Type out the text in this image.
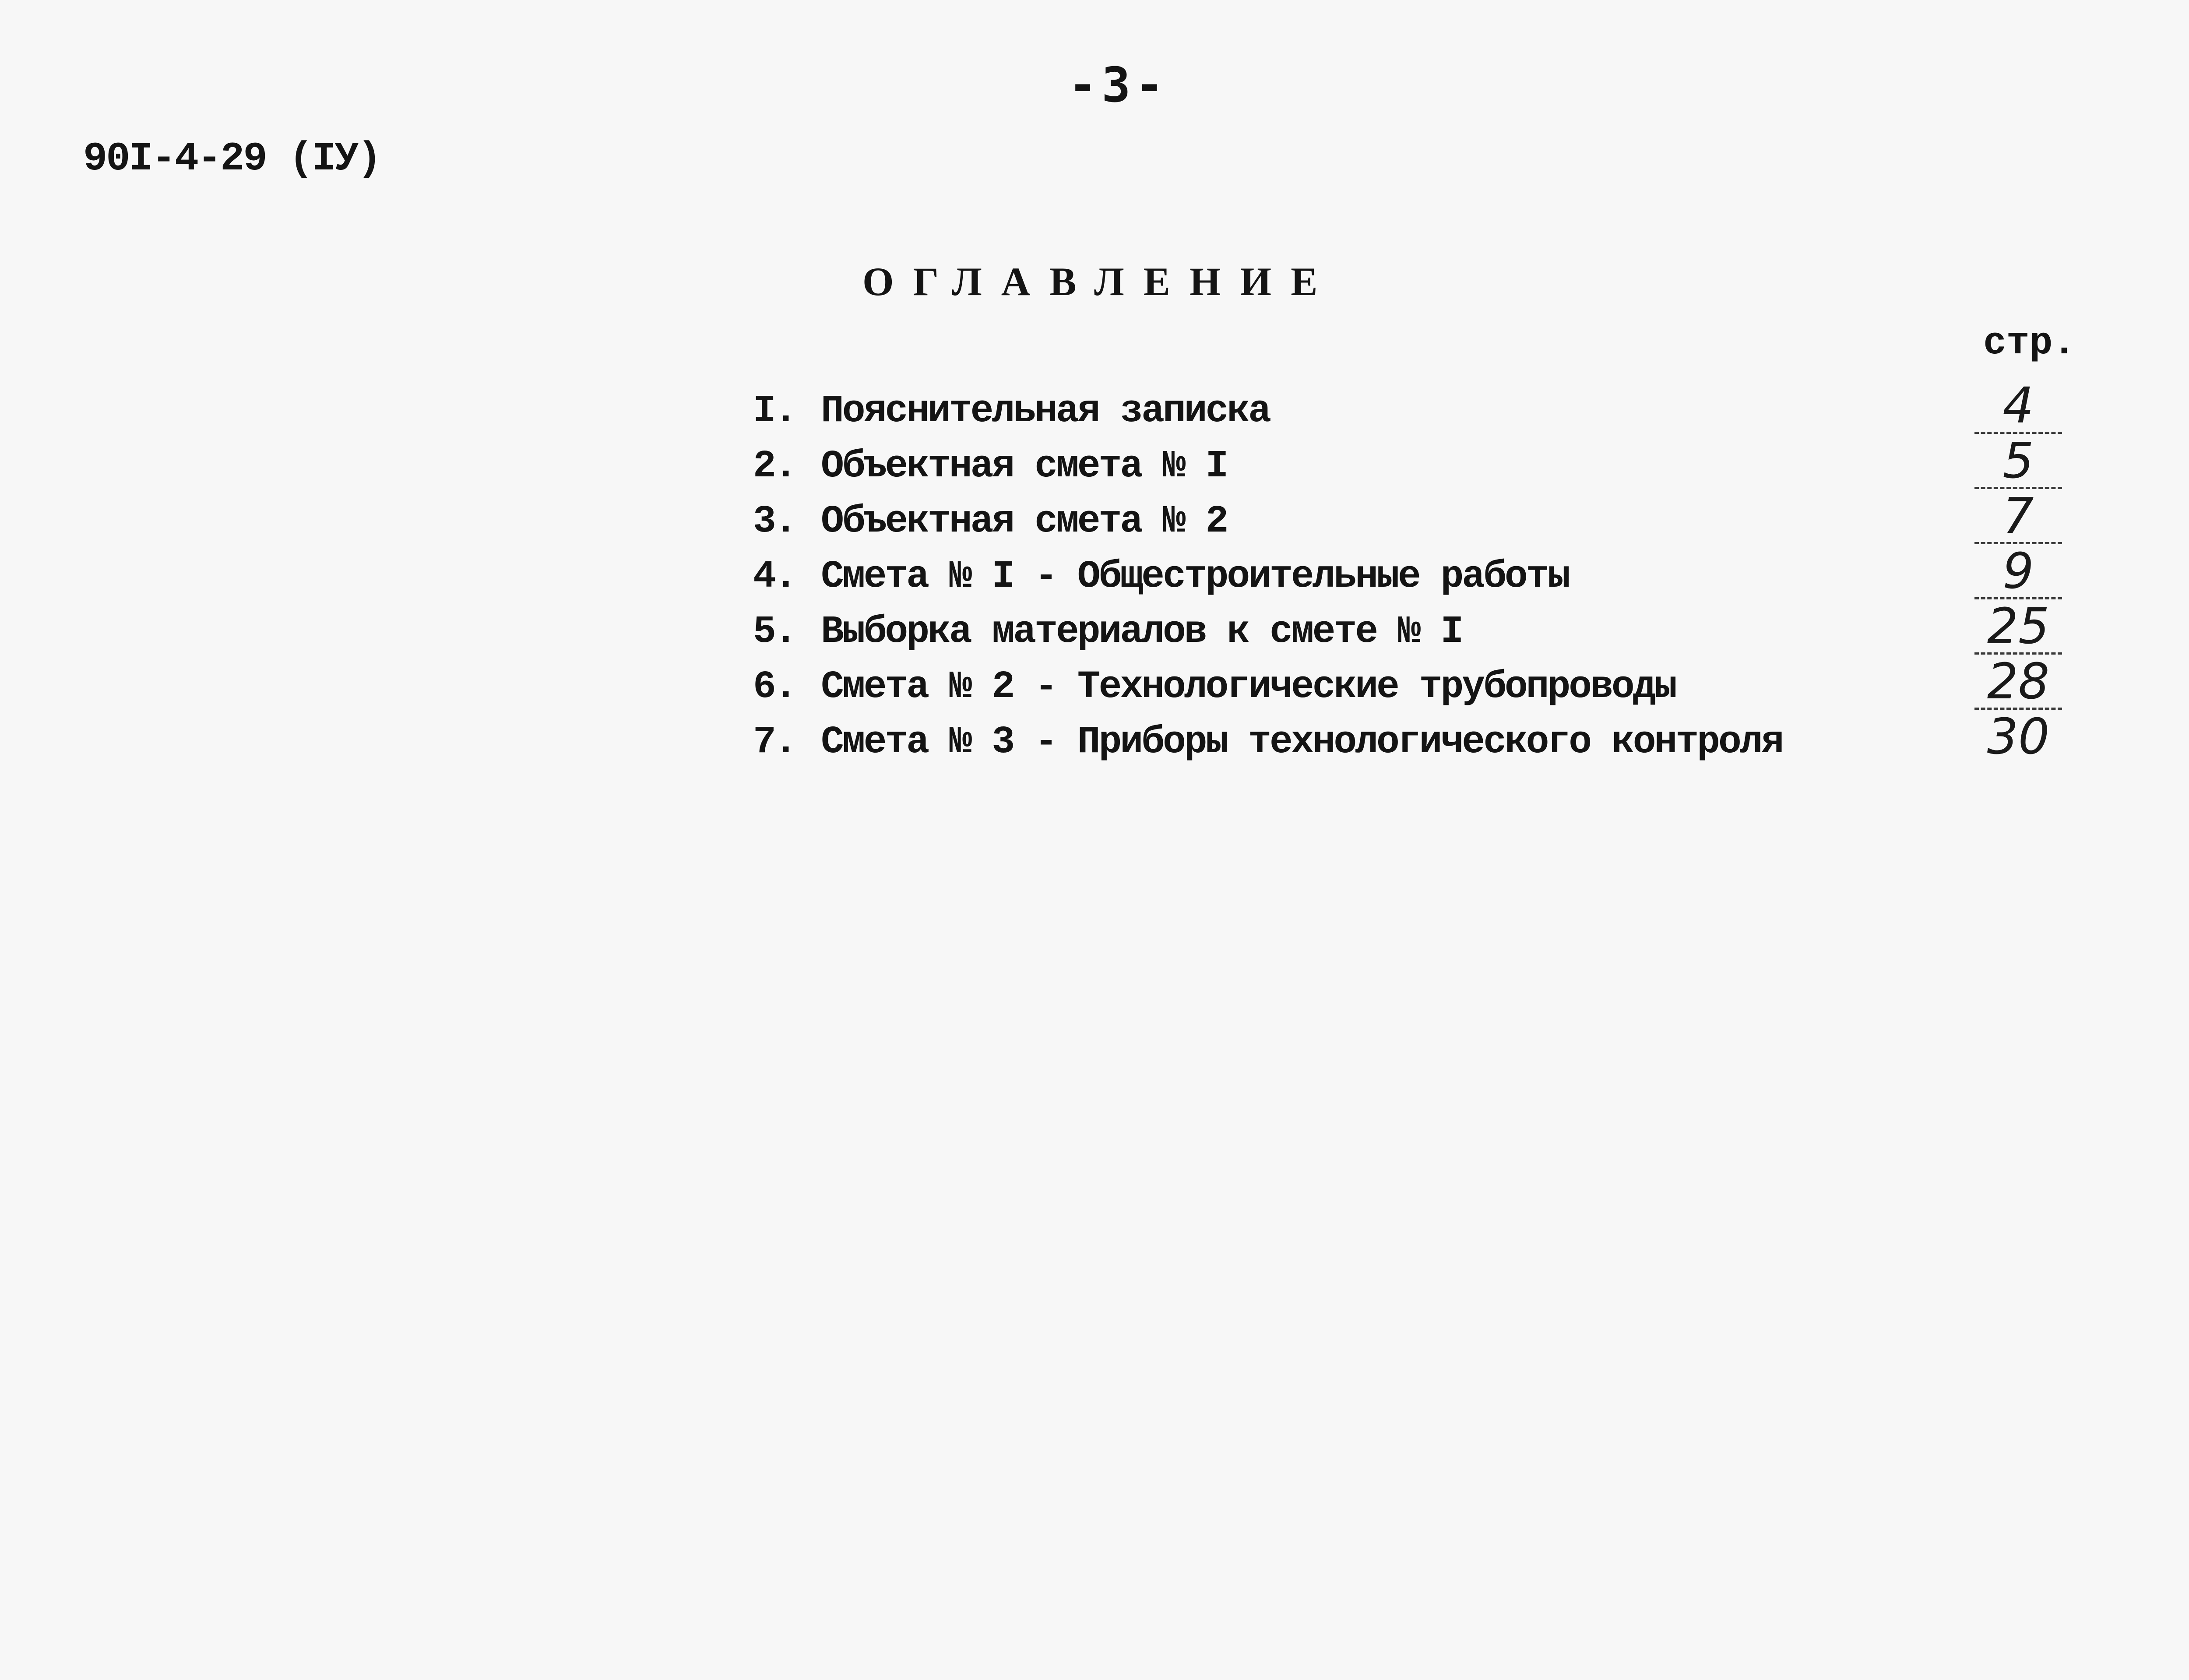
-3-
90I-4-29 (IУ)
ОГЛАВЛЕНИЕ
стр.
I. Пояснительная записка	4
2. Объектная смета № I	5
3. Объектная смета № 2	7
4. Смета № I - Общестроительные работы	9
5. Выборка материалов к смете № I	25
6. Смета № 2 - Технологические трубопроводы	28
7. Смета № 3 - Приборы технологического контроля	30
